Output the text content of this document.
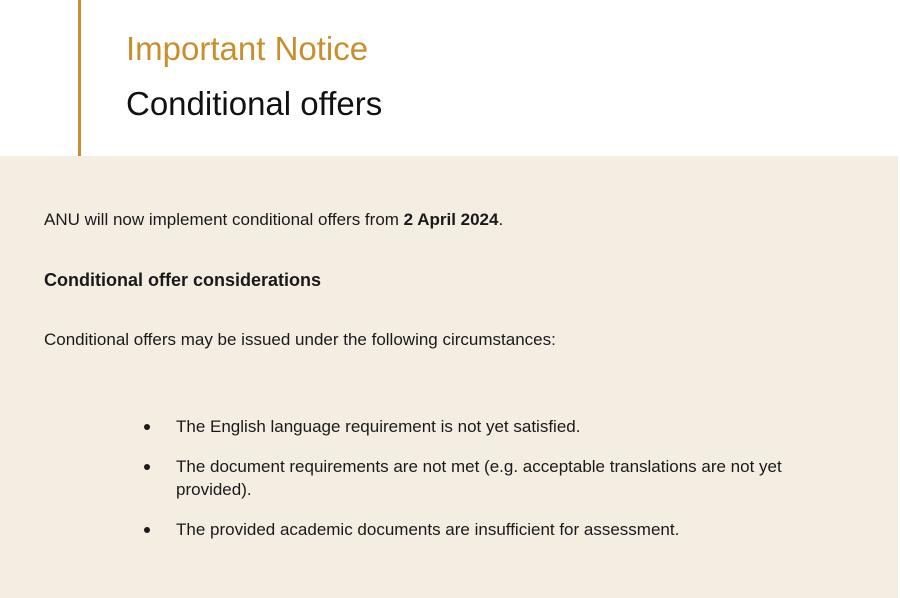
Important Notice
Conditional offers

ANU will now implement conditional offers from 2 April 2024.

Conditional offer considerations

Conditional offers may be issued under the following circumstances:

The English language requirement is not yet satisfied.
The document requirements are not met (e.g. acceptable translations are not yet provided).
The provided academic documents are insufficient for assessment.
